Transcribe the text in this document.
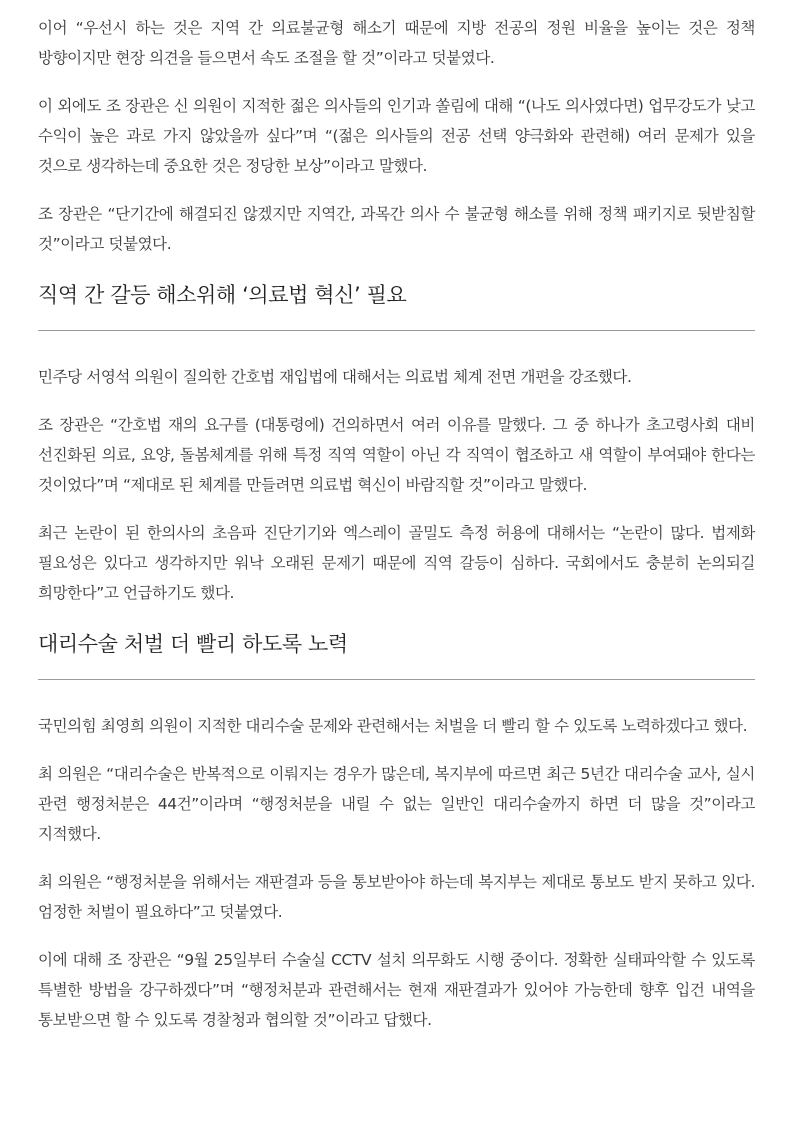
이어 “우선시 하는 것은 지역 간 의료불균형 해소기 때문에 지방 전공의 정원 비율을 높이는 것은 정책 방향이지만 현장 의견을 들으면서 속도 조절을 할 것”이라고 덧붙였다.

이 외에도 조 장관은 신 의원이 지적한 젊은 의사들의 인기과 쏠림에 대해 “(나도 의사였다면) 업무강도가 낮고 수익이 높은 과로 가지 않았을까 싶다”며 “(젊은 의사들의 전공 선택 양극화와 관련해) 여러 문제가 있을 것으로 생각하는데 중요한 것은 정당한 보상”이라고 말했다.

조 장관은 “단기간에 해결되진 않겠지만 지역간, 과목간 의사 수 불균형 해소를 위해 정책 패키지로 뒷받침할 것”이라고 덧붙였다.

직역 간 갈등 해소위해 ‘의료법 혁신’ 필요

민주당 서영석 의원이 질의한 간호법 재입법에 대해서는 의료법 체계 전면 개편을 강조했다.

조 장관은 “간호법 재의 요구를 (대통령에) 건의하면서 여러 이유를 말했다. 그 중 하나가 초고령사회 대비 선진화된 의료, 요양, 돌봄체계를 위해 특정 직역 역할이 아닌 각 직역이 협조하고 새 역할이 부여돼야 한다는 것이었다”며 “제대로 된 체계를 만들려면 의료법 혁신이 바람직할 것”이라고 말했다.

최근 논란이 된 한의사의 초음파 진단기기와 엑스레이 골밀도 측정 허용에 대해서는 “논란이 많다. 법제화 필요성은 있다고 생각하지만 워낙 오래된 문제기 때문에 직역 갈등이 심하다. 국회에서도 충분히 논의되길 희망한다”고 언급하기도 했다.

대리수술 처벌 더 빨리 하도록 노력

국민의힘 최영희 의원이 지적한 대리수술 문제와 관련해서는 처벌을 더 빨리 할 수 있도록 노력하겠다고 했다.

최 의원은 “대리수술은 반복적으로 이뤄지는 경우가 많은데, 복지부에 따르면 최근 5년간 대리수술 교사, 실시 관련 행정처분은 44건”이라며 “행정처분을 내릴 수 없는 일반인 대리수술까지 하면 더 많을 것”이라고 지적했다.

최 의원은 “행정처분을 위해서는 재판결과 등을 통보받아야 하는데 복지부는 제대로 통보도 받지 못하고 있다. 엄정한 처벌이 필요하다”고 덧붙였다.

이에 대해 조 장관은 “9월 25일부터 수술실 CCTV 설치 의무화도 시행 중이다. 정확한 실태파악할 수 있도록 특별한 방법을 강구하겠다”며 “행정처분과 관련해서는 현재 재판결과가 있어야 가능한데 향후 입건 내역을 통보받으면 할 수 있도록 경찰청과 협의할 것”이라고 답했다.
